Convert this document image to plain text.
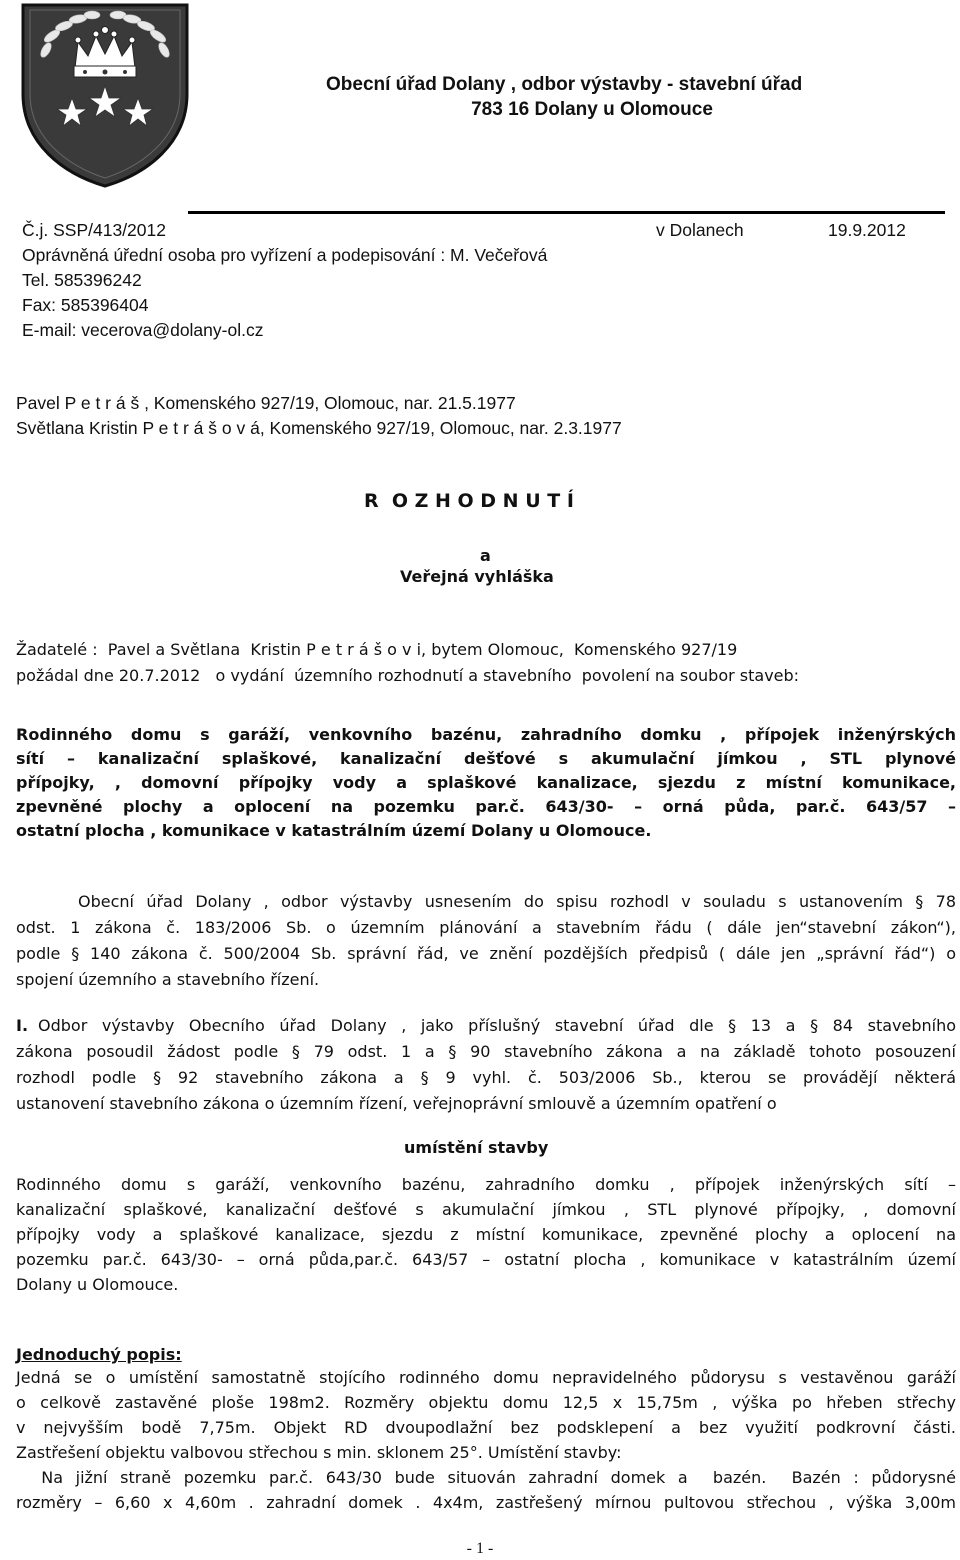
Obecní úřad Dolany , odbor výstavby - stavební úřad
783 16 Dolany u Olomouce
Č.j. SSP/413/2012	v Dolanech	19.9.2012
Oprávněná úřední osoba pro vyřízení a podepisování : M. Večeřová
Tel. 585396242
Fax: 585396404
E-mail: vecerova@dolany-ol.cz
Pavel P e t r á š , Komenského 927/19, Olomouc, nar. 21.5.1977
Světlana Kristin P e t r á š o v á, Komenského 927/19, Olomouc, nar. 2.3.1977
R  O Z H O D N U T Í
a
Veřejná vyhláška
Žadatelé :  Pavel a Světlana  Kristin P e t r á š o v i, bytem Olomouc,  Komenského 927/19
požádal dne 20.7.2012   o vydání  územního rozhodnutí a stavebního  povolení na soubor staveb:
Rodinného domu s garáží, venkovního bazénu, zahradního domku , přípojek inženýrských
sítí – kanalizační splaškové, kanalizační dešťové s akumulační jímkou , STL plynové
přípojky, , domovní přípojky vody a splaškové kanalizace, sjezdu z místní komunikace,
zpevněné plochy a oplocení na pozemku par.č. 643/30- – orná půda, par.č. 643/57 –
ostatní plocha , komunikace v katastrálním území Dolany u Olomouce.
Obecní úřad Dolany , odbor výstavby usnesením do spisu rozhodl v souladu s ustanovením § 78
odst. 1 zákona č. 183/2006 Sb. o územním plánování a stavebním řádu ( dále jen“stavební zákon“),
podle § 140 zákona č. 500/2004 Sb. správní řád, ve znění pozdějších předpisů ( dále jen „správní řád“) o
spojení územního a stavebního řízení.
I. Odbor výstavby Obecního úřad Dolany , jako příslušný stavební úřad dle § 13 a § 84 stavebního
zákona posoudil žádost podle § 79 odst. 1 a § 90 stavebního zákona a na základě tohoto posouzení
rozhodl podle § 92 stavebního zákona a § 9 vyhl. č. 503/2006 Sb., kterou se provádějí některá
ustanovení stavebního zákona o územním řízení, veřejnoprávní smlouvě a územním opatření o
umístění stavby
Rodinného domu s garáží, venkovního bazénu, zahradního domku , přípojek inženýrských sítí –
kanalizační splaškové, kanalizační dešťové s akumulační jímkou , STL plynové přípojky, , domovní
přípojky vody a splaškové kanalizace, sjezdu z místní komunikace, zpevněné plochy a oplocení na
pozemku par.č. 643/30- – orná půda,par.č. 643/57 – ostatní plocha , komunikace v katastrálním území
Dolany u Olomouce.
Jednoduchý popis:
Jedná se o umístění samostatně stojícího rodinného domu nepravidelného půdorysu s vestavěnou garáží
o celkově zastavěné ploše 198m2. Rozměry objektu domu 12,5 x 15,75m , výška po hřeben střechy
v nejvyšším bodě 7,75m. Objekt RD dvoupodlažní bez podsklepení a bez využití podkrovní části.
Zastřešení objektu valbovou střechou s min. sklonem 25°. Umístění stavby:
Na jižní straně pozemku par.č. 643/30 bude situován zahradní domek a  bazén.  Bazén : půdorysné
rozměry – 6,60 x 4,60m . zahradní domek . 4x4m, zastřešený mírnou pultovou střechou , výška 3,00m
- 1 -
